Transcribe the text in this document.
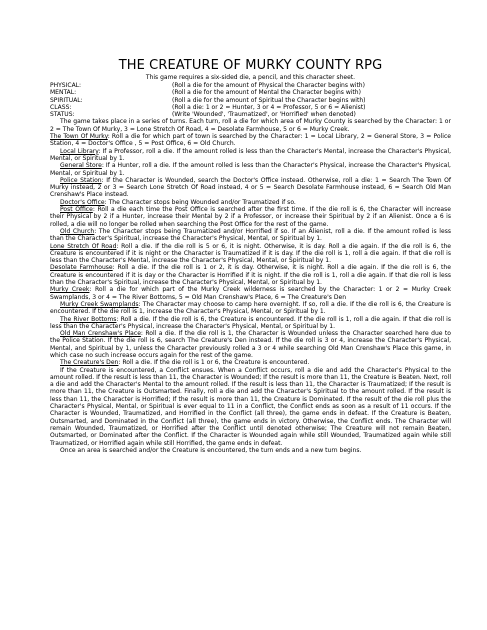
THE CREATURE OF MURKY COUNTY RPG
This game requires a six-sided die, a pencil, and this character sheet.
PHYSICAL:	(Roll a die for the amount of Physical the Character begins with)
MENTAL:	(Roll a die for the amount of Mental the Character begins with)
SPIRITUAL:	(Roll a die for the amount of Spiritual the Character begins with)
CLASS:	(Roll a die: 1 or 2 = Hunter, 3 or 4 = Professor, 5 or 6 = Alienist)
STATUS:	(Write 'Wounded', 'Traumatized', or 'Horrified' when denoted)

The game takes place in a series of turns. Each turn, roll a die for which area of Murky County is searched by the Character: 1 or 2 = The Town Of Murky, 3 = Lone Stretch Of Road, 4 = Desolate Farmhouse, 5 or 6 = Murky Creek.

The Town Of Murky: Roll a die for which part of town is searched by the Character: 1 = Local Library, 2 = General Store, 3 = Police Station, 4 = Doctor's Office , 5 = Post Office, 6 = Old Church.

Local Library: If a Professor, roll a die. If the amount rolled is less than the Character's Mental, increase the Character's Physical, Mental, or Spiritual by 1.

General Store: If a Hunter, roll a die. If the amount rolled is less than the Character's Physical, increase the Character's Physical, Mental, or Spiritual by 1.

Police Station: If the Character is Wounded, search the Doctor's Office instead. Otherwise, roll a die: 1 = Search The Town Of Murky instead, 2 or 3 = Search Lone Stretch Of Road instead, 4 or 5 = Search Desolate Farmhouse instead, 6 = Search Old Man Crenshaw's Place instead.

Doctor's Office: The Character stops being Wounded and/or Traumatized if so.

Post Office: Roll a die each time the Post Office is searched after the first time. If the die roll is 6, the Character will increase their Physical by 2 if a Hunter, increase their Mental by 2 if a Professor, or increase their Spiritual by 2 if an Alienist. Once a 6 is rolled, a die will no longer be rolled when searching the Post Office for the rest of the game.

Old Church: The Character stops being Traumatized and/or Horrified if so. If an Alienist, roll a die. If the amount rolled is less than the Character's Spiritual, increase the Character's Physical, Mental, or Spiritual by 1.

Lone Stretch Of Road: Roll a die. If the die roll is 5 or 6, it is night. Otherwise, it is day. Roll a die again. If the die roll is 6, the Creature is encountered if it is night or the Character is Traumatized if it is day. If the die roll is 1, roll a die again. If that die roll is less than the Character's Mental, increase the Character's Physical, Mental, or Spiritual by 1.

Desolate Farmhouse: Roll a die. If the die roll is 1 or 2, it is day. Otherwise, it is night. Roll a die again. If the die roll is 6, the Creature is encountered if it is day or the Character is Horrified if it is night. If the die roll is 1, roll a die again. If that die roll is less than the Character's Spiritual, increase the Character's Physical, Mental, or Spiritual by 1.

Murky Creek: Roll a die for which part of the Murky Creek wilderness is searched by the Character: 1 or 2 = Murky Creek Swamplands, 3 or 4 = The River Bottoms, 5 = Old Man Crenshaw's Place, 6 = The Creature's Den

Murky Creek Swamplands: The Character may choose to camp here overnight. If so, roll a die. If the die roll is 6, the Creature is encountered. If the die roll is 1, increase the Character's Physical, Mental, or Spiritual by 1.

The River Bottoms: Roll a die. If the die roll is 6, the Creature is encountered. If the die roll is 1, roll a die again. If that die roll is less than the Character's Physical, increase the Character's Physical, Mental, or Spiritual by 1.

Old Man Crenshaw's Place: Roll a die. If the die roll is 1, the Character is Wounded unless the Character searched here due to the Police Station. If the die roll is 6, search The Creature's Den instead. If the die roll is 3 or 4, increase the Character's Physical, Mental, and Spiritual by 1, unless the Character previously rolled a 3 or 4 while searching Old Man Crenshaw's Place this game, in which case no such increase occurs again for the rest of the game.

The Creature's Den: Roll a die. If the die roll is 1 or 6, the Creature is encountered.

If the Creature is encountered, a Conflict ensues. When a Conflict occurs, roll a die and add the Character's Physical to the amount rolled. If the result is less than 11, the Character is Wounded; If the result is more than 11, the Creature is Beaten. Next, roll a die and add the Character's Mental to the amount rolled. If the result is less than 11, the Character is Traumatized; If the result is more than 11, the Creature is Outsmarted. Finally, roll a die and add the Character's Spiritual to the amount rolled. If the result is less than 11, the Character is Horrified; If the result is more than 11, the Creature is Dominated. If the result of the die roll plus the Character's Physical, Mental, or Spiritual is ever equal to 11 in a Conflict, the Conflict ends as soon as a result of 11 occurs. If the Character is Wounded, Traumatized, and Horrified in the Conflict (all three), the game ends in defeat. If the Creature is Beaten, Outsmarted, and Dominated in the Conflict (all three), the game ends in victory. Otherwise, the Conflict ends. The Character will remain Wounded, Traumatized, or Horrified after the Conflict until denoted otherwise; The Creature will not remain Beaten, Outsmarted, or Dominated after the Conflict. If the Character is Wounded again while still Wounded, Traumatized again while still Traumatized, or Horrified again while still Horrified, the game ends in defeat.

Once an area is searched and/or the Creature is encountered, the turn ends and a new turn begins.
